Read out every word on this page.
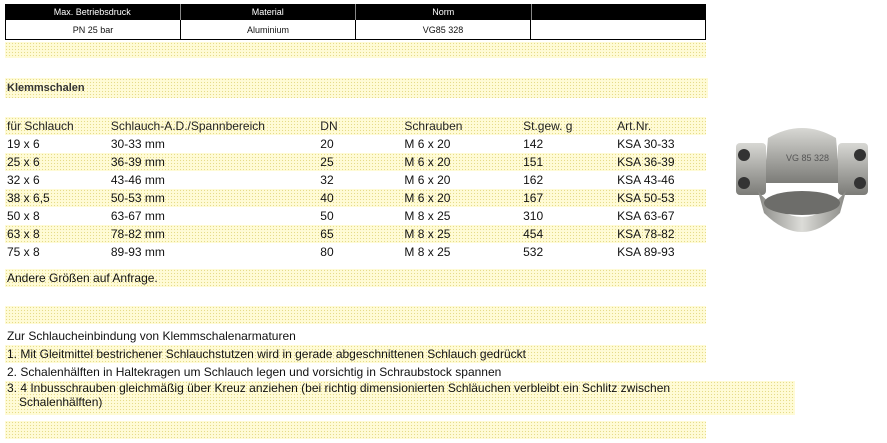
Max. Betriebsdruck	Material	Norm
PN 25 bar	Aluminium	VG85 328
Klemmschalen
für Schlauch	Schlauch-A.D./Spannbereich	DN	Schrauben	St.gew. g	Art.Nr.
19 x 6	30-33 mm	20	M 6 x 20	142	KSA 30-33
25 x 6	36-39 mm	25	M 6 x 20	151	KSA 36-39
32 x 6	43-46 mm	32	M 6 x 20	162	KSA 43-46
38 x 6,5	50-53 mm	40	M 6 x 20	167	KSA 50-53
50 x 8	63-67 mm	50	M 8 x 25	310	KSA 63-67
63 x 8	78-82 mm	65	M 8 x 25	454	KSA 78-82
75 x 8	89-93 mm	80	M 8 x 25	532	KSA 89-93
Andere Größen auf Anfrage.
Zur Schlaucheinbindung von Klemmschalenarmaturen
1. Mit Gleitmittel bestrichener Schlauchstutzen wird in gerade abgeschnittenen Schlauch gedrückt
2. Schalenhälften in Haltekragen um Schlauch legen und vorsichtig in Schraubstock spannen
3. 4 Inbusschrauben gleichmäßig über Kreuz anziehen (bei richtig dimensionierten Schläuchen verbleibt ein Schlitz zwischen
Schalenhälften)
VG 85 328
